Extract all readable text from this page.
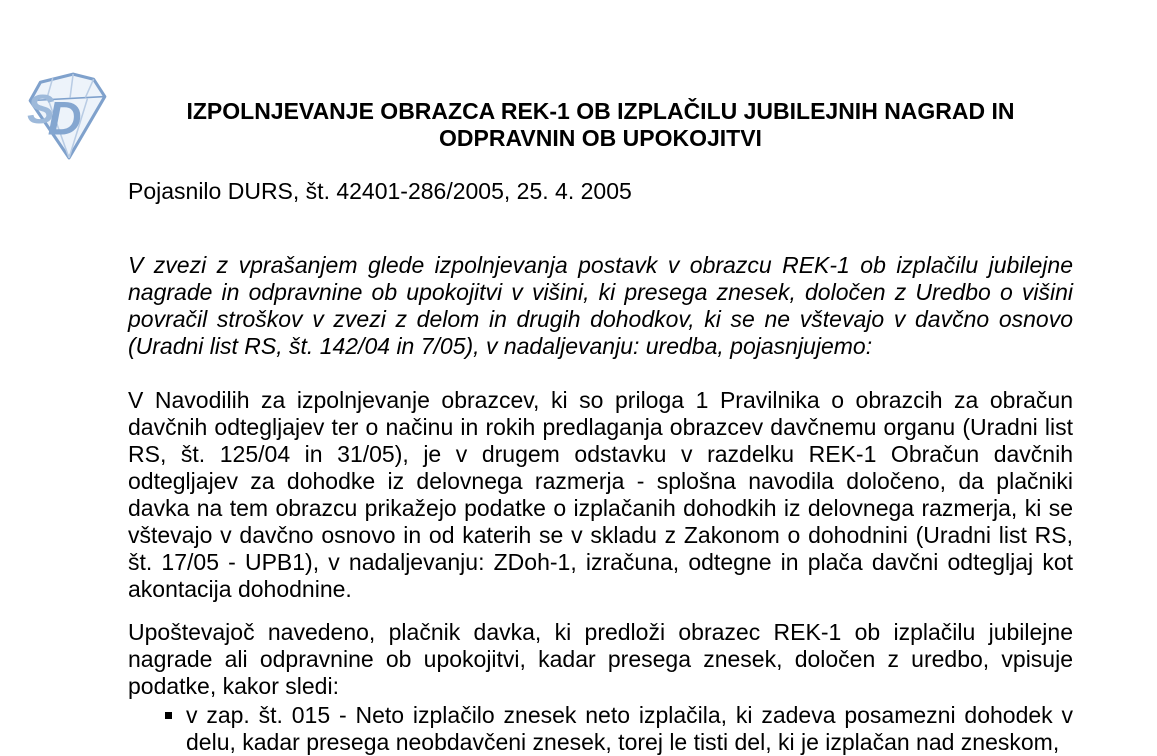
S
D	IZPOLNJEVANJE OBRAZCA REK-1 OB IZPLAČILU JUBILEJNIH NAGRAD IN ODPRAVNIN OB UPOKOJITVI

Pojasnilo DURS, št. 42401-286/2005, 25. 4. 2005

V zvezi z vprašanjem glede izpolnjevanja postavk v obrazcu REK-1 ob izplačilu jubilejne nagrade in odpravnine ob upokojitvi v višini, ki presega znesek, določen z Uredbo o višini povračil stroškov v zvezi z delom in drugih dohodkov, ki se ne vštevajo v davčno osnovo (Uradni list RS, št. 142/04 in 7/05), v nadaljevanju: uredba, pojasnjujemo:

V Navodilih za izpolnjevanje obrazcev, ki so priloga 1 Pravilnika o obrazcih za obračun davčnih odtegljajev ter o načinu in rokih predlaganja obrazcev davčnemu organu (Uradni list RS, št. 125/04 in 31/05), je v drugem odstavku v razdelku REK-1 Obračun davčnih odtegljajev za dohodke iz delovnega razmerja - splošna navodila določeno, da plačniki davka na tem obrazcu prikažejo podatke o izplačanih dohodkih iz delovnega razmerja, ki se vštevajo v davčno osnovo in od katerih se v skladu z Zakonom o dohodnini (Uradni list RS, št. 17/05 - UPB1), v nadaljevanju: ZDoh-1, izračuna, odtegne in plača davčni odtegljaj kot akontacija dohodnine.

Upoštevajoč navedeno, plačnik davka, ki predloži obrazec REK-1 ob izplačilu jubilejne nagrade ali odpravnine ob upokojitvi, kadar presega znesek, določen z uredbo, vpisuje podatke, kakor sledi:

v zap. št. 015 - Neto izplačilo znesek neto izplačila, ki zadeva posamezni dohodek v delu, kadar presega neobdavčeni znesek, torej le tisti del, ki je izplačan nad zneskom,
